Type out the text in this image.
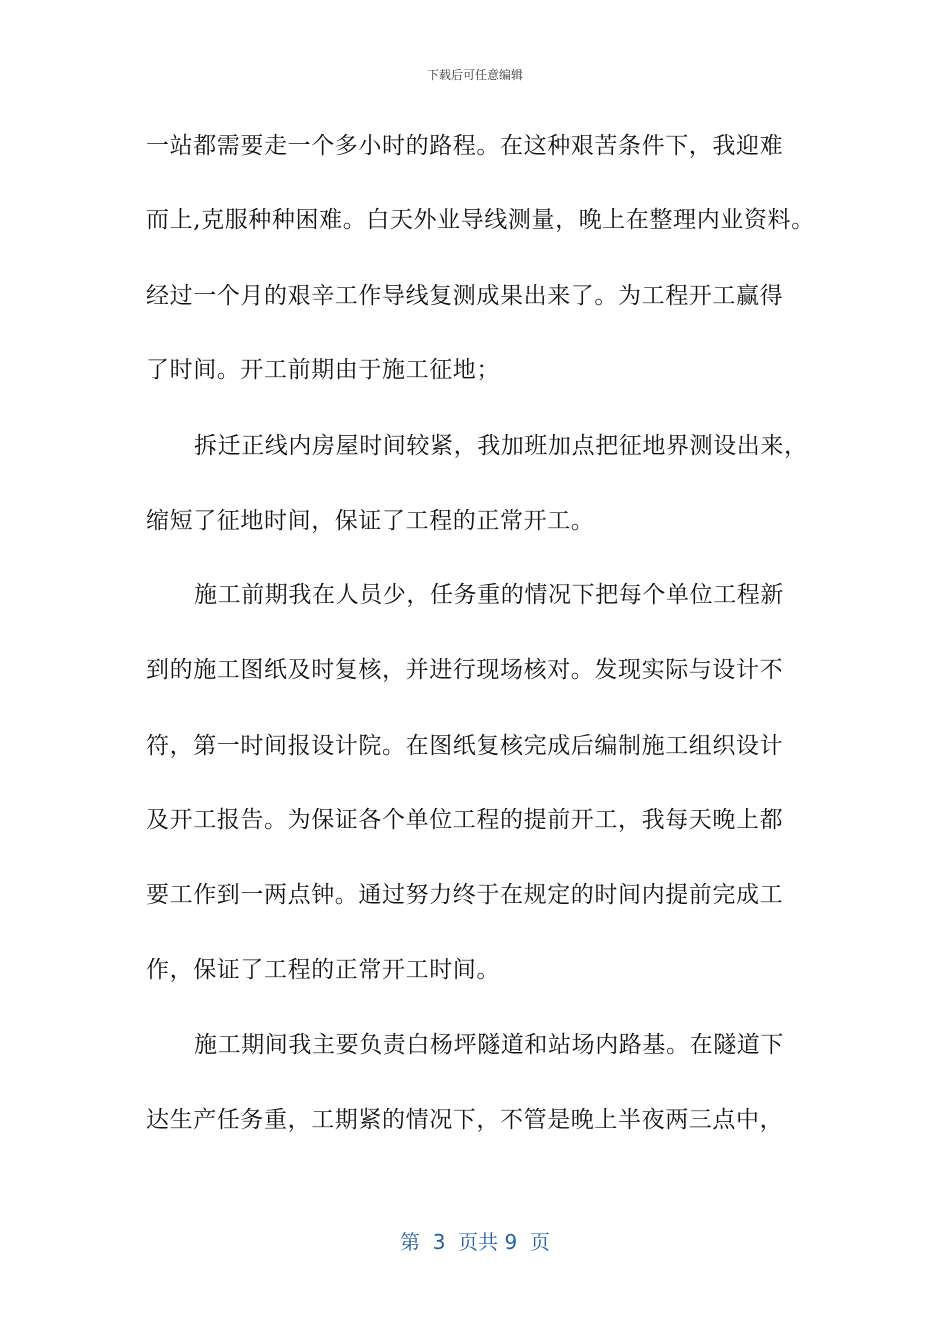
下载后可任意编辑
一站都需要走一个多小时的路程。在这种艰苦条件下，我迎难
而上,克服种种困难。白天外业导线测量，晚上在整理内业资料。
经过一个月的艰辛工作导线复测成果出来了。为工程开工赢得
了时间。开工前期由于施工征地；
拆迁正线内房屋时间较紧，我加班加点把征地界测设出来，
缩短了征地时间，保证了工程的正常开工。
施工前期我在人员少，任务重的情况下把每个单位工程新
到的施工图纸及时复核，并进行现场核对。发现实际与设计不
符，第一时间报设计院。在图纸复核完成后编制施工组织设计
及开工报告。为保证各个单位工程的提前开工，我每天晚上都
要工作到一两点钟。通过努力终于在规定的时间内提前完成工
作，保证了工程的正常开工时间。
施工期间我主要负责白杨坪隧道和站场内路基。在隧道下
达生产任务重，工期紧的情况下，不管是晚上半夜两三点中，
第  3  页共 9  页
